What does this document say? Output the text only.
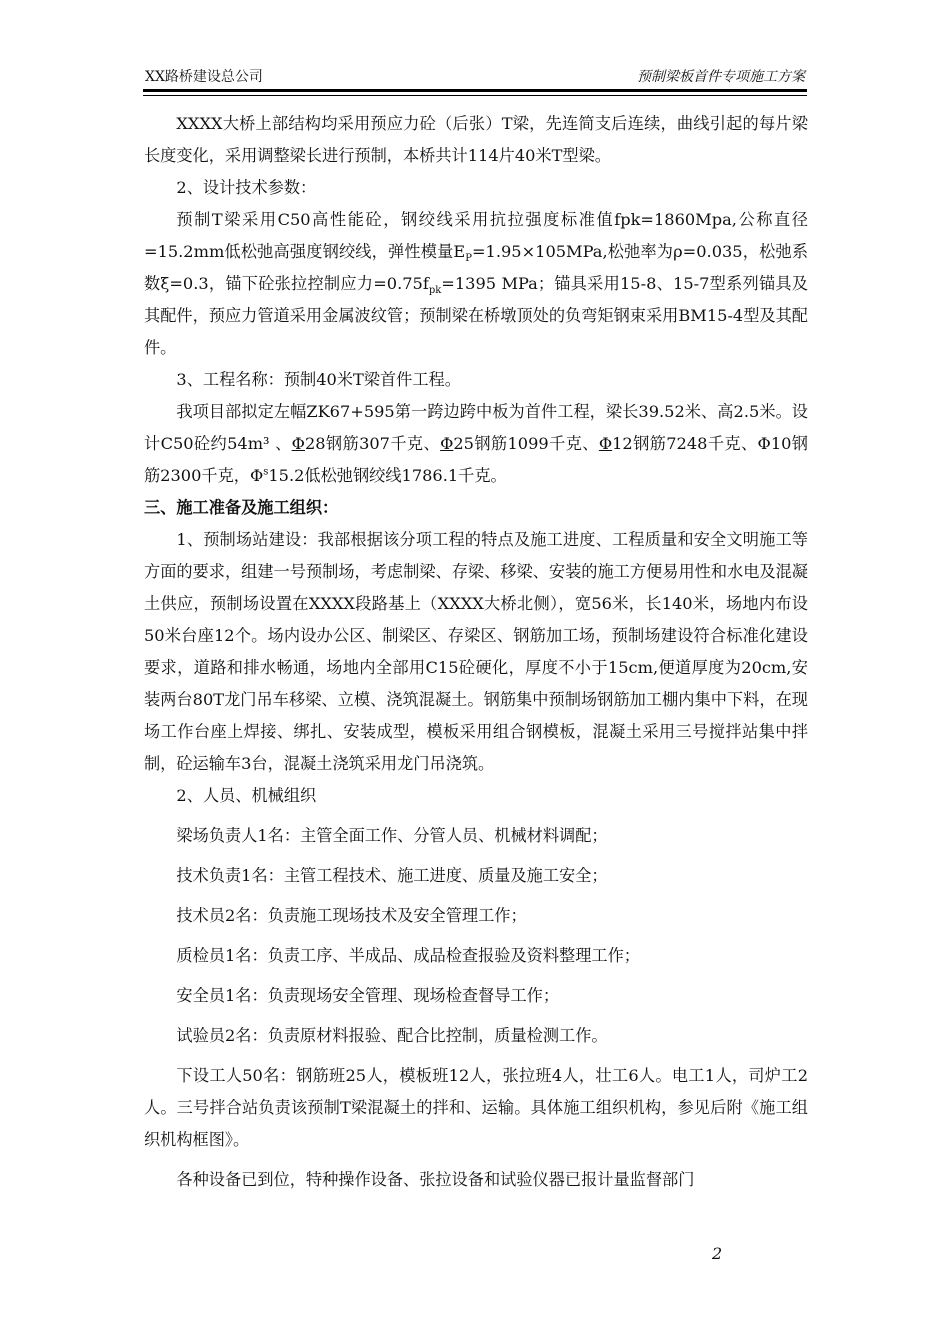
XX路桥建设总公司	预制梁板首件专项施工方案

XXXX大桥上部结构均采用预应力砼（后张）T梁，先连简支后连续，曲线引起的每片梁长度变化，采用调整梁长进行预制，本桥共计114片40米T型梁。

2、设计技术参数：

预制T梁采用C50高性能砼，钢绞线采用抗拉强度标准值fpk=1860Mpa,公称直径=15.2mm低松弛高强度钢绞线，弹性模量$E_P=1.95\times 105MPa$,松弛率为ρ=0.035，松弛系数ξ=0.3，锚下砼张拉控制应力$=0.75f_{pk}=1395$ MPa；锚具采用15-8、15-7型系列锚具及其配件，预应力管道采用金属波纹管；预制梁在桥墩顶处的负弯矩钢束采用BM15-4型及其配件。

3、工程名称：预制40米T梁首件工程。

我项目部拟定左幅ZK67+595第一跨边跨中板为首件工程，梁长39.52米、高2.5米。设计C50砼约54m³ 、Φ28钢筋307千克、Φ25钢筋1099千克、Φ12钢筋7248千克、Φ10钢筋2300千克，$\Phi^s15.2$低松弛钢绞线1786.1千克。

三、施工准备及施工组织：

1、预制场站建设：我部根据该分项工程的特点及施工进度、工程质量和安全文明施工等方面的要求，组建一号预制场，考虑制梁、存梁、移梁、安装的施工方便易用性和水电及混凝土供应，预制场设置在XXXX段路基上（XXXX大桥北侧），宽56米，长140米，场地内布设50米台座12个。场内设办公区、制梁区、存梁区、钢筋加工场，预制场建设符合标准化建设要求，道路和排水畅通，场地内全部用C15砼硬化，厚度不小于15cm,便道厚度为20cm,安装两台80T龙门吊车移梁、立模、浇筑混凝土。钢筋集中预制场钢筋加工棚内集中下料，在现场工作台座上焊接、绑扎、安装成型，模板采用组合钢模板，混凝土采用三号搅拌站集中拌制，砼运输车3台，混凝土浇筑采用龙门吊浇筑。

2、人员、机械组织

梁场负责人1名：主管全面工作、分管人员、机械材料调配；

技术负责1名：主管工程技术、施工进度、质量及施工安全；

技术员2名：负责施工现场技术及安全管理工作；

质检员1名：负责工序、半成品、成品检查报验及资料整理工作；

安全员1名：负责现场安全管理、现场检查督导工作；

试验员2名：负责原材料报验、配合比控制，质量检测工作。

下设工人50名：钢筋班25人，模板班12人，张拉班4人，壮工6人。电工1人，司炉工2人。三号拌合站负责该预制T梁混凝土的拌和、运输。具体施工组织机构，参见后附《施工组织机构框图》。

各种设备已到位，特种操作设备、张拉设备和试验仪器已报计量监督部门

2
